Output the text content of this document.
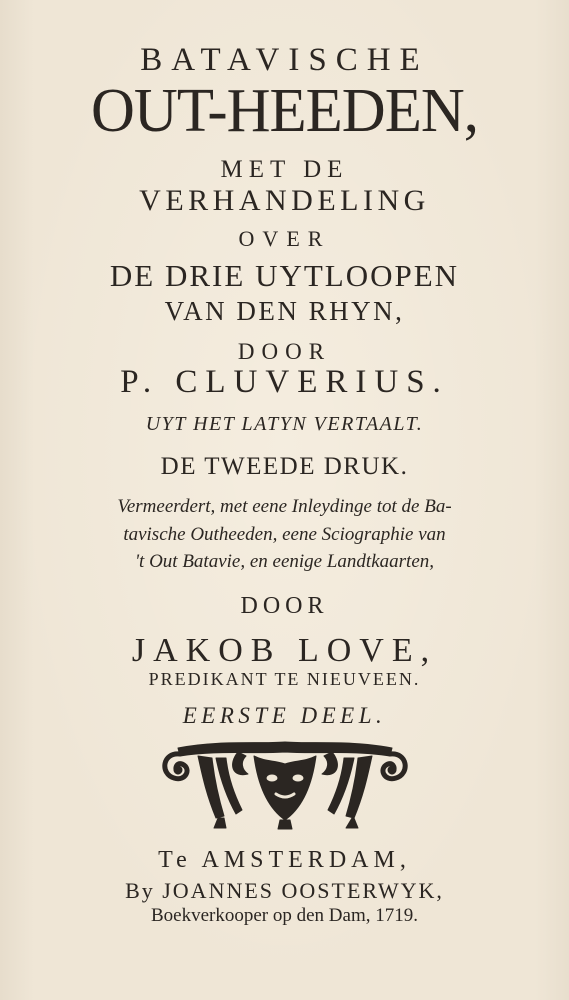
BATAVISCHE

OUT-HEEDEN,

MET DE

VERHANDELING

OVER

DE DRIE UYTLOOPEN

VAN DEN RHYN,

DOOR

P. CLUVERIUS.

UYT HET LATYN VERTAALT.

DE TWEEDE DRUK.

Vermeerdert, met eene Inleydinge tot de Ba-

tavische Outheeden, eene Sciographie van

't Out Batavie, en eenige Landtkaarten,

DOOR

JAKOB LOVE,

PREDIKANT TE NIEUVEEN.

EERSTE DEEL.

Te AMSTERDAM,

By JOANNES OOSTERWYK,

Boekverkooper op den Dam, 1719.
